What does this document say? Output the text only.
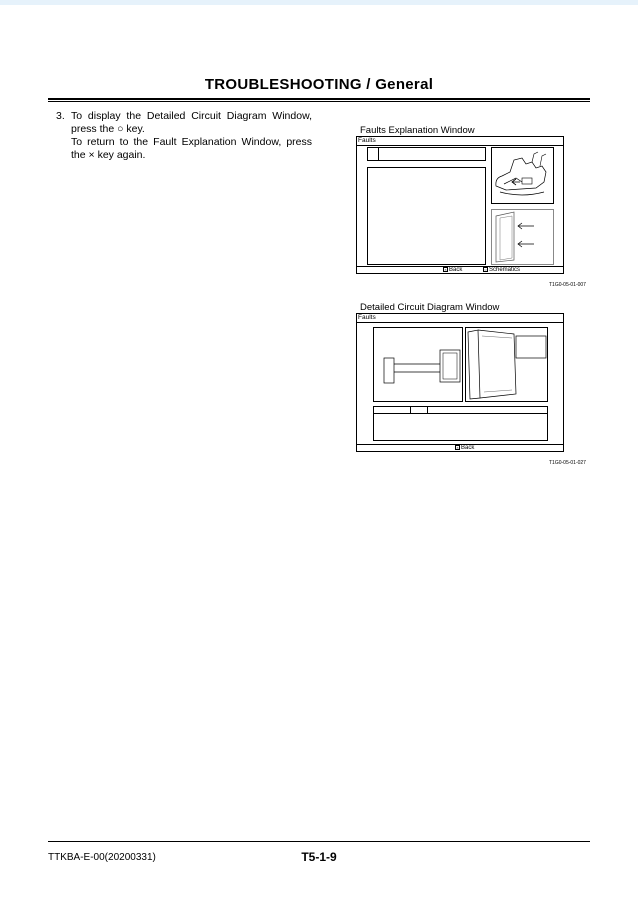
TROUBLESHOOTING / General
3. To display the Detailed Circuit Diagram Window,
press the ○ key.
To return to the Fault Explanation Window, press
the × key again.
Faults Explanation Window
Faults
× Back	○ Schematics
T1G0-05-01-007
Detailed Circuit Diagram Window
Faults
× Back
T1G0-05-01-027
TTKBA-E-00(20200331)	T5-1-9
